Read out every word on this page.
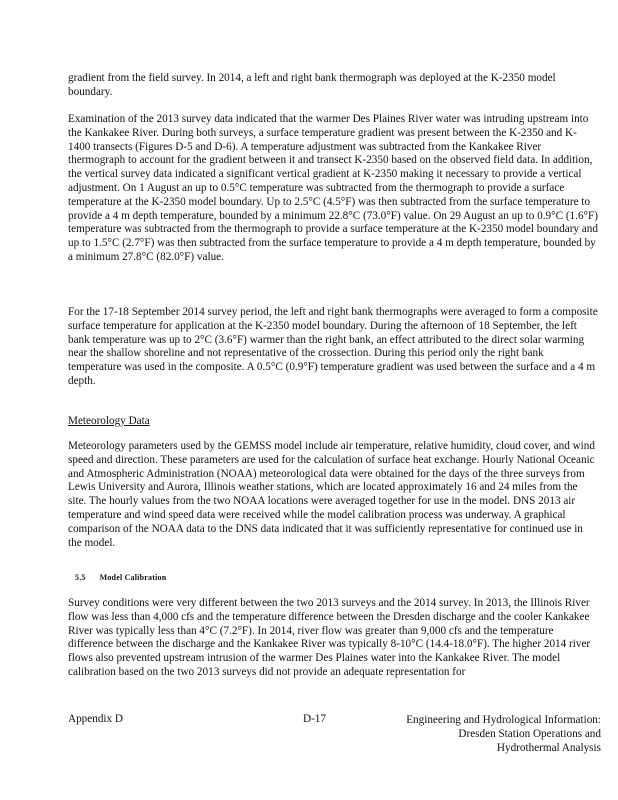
gradient from the field survey. In 2014, a left and right bank thermograph was deployed at the K-2350 model boundary.

Examination of the 2013 survey data indicated that the warmer Des Plaines River water was intruding upstream into the Kankakee River. During both surveys, a surface temperature gradient was present between the K-2350 and K-1400 transects (Figures D-5 and D-6). A temperature adjustment was subtracted from the Kankakee River thermograph to account for the gradient between it and transect K-2350 based on the observed field data. In addition, the vertical survey data indicated a significant vertical gradient at K-2350 making it necessary to provide a vertical adjustment. On 1 August an up to 0.5°C temperature was subtracted from the thermograph to provide a surface temperature at the K-2350 model boundary. Up to 2.5°C (4.5°F) was then subtracted from the surface temperature to provide a 4 m depth temperature, bounded by a minimum 22.8°C (73.0°F) value. On 29 August an up to 0.9°C (1.6°F) temperature was subtracted from the thermograph to provide a surface temperature at the K-2350 model boundary and up to 1.5°C (2.7°F) was then subtracted from the surface temperature to provide a 4 m depth temperature, bounded by a minimum 27.8°C (82.0°F) value.

For the 17-18 September 2014 survey period, the left and right bank thermographs were averaged to form a composite surface temperature for application at the K-2350 model boundary. During the afternoon of 18 September, the left bank temperature was up to 2°C (3.6°F) warmer than the right bank, an effect attributed to the direct solar warming near the shallow shoreline and not representative of the crossection. During this period only the right bank temperature was used in the composite. A 0.5°C (0.9°F) temperature gradient was used between the surface and a 4 m depth.

Meteorology Data

Meteorology parameters used by the GEMSS model include air temperature, relative humidity, cloud cover, and wind speed and direction. These parameters are used for the calculation of surface heat exchange. Hourly National Oceanic and Atmospheric Administration (NOAA) meteorological data were obtained for the days of the three surveys from Lewis University and Aurora, Illinois weather stations, which are located approximately 16 and 24 miles from the site. The hourly values from the two NOAA locations were averaged together for use in the model. DNS 2013 air temperature and wind speed data were received while the model calibration process was underway. A graphical comparison of the NOAA data to the DNS data indicated that it was sufficiently representative for continued use in the model.

5.5 Model Calibration

Survey conditions were very different between the two 2013 surveys and the 2014 survey. In 2013, the Illinois River flow was less than 4,000 cfs and the temperature difference between the Dresden discharge and the cooler Kankakee River was typically less than 4°C (7.2°F). In 2014, river flow was greater than 9,000 cfs and the temperature difference between the discharge and the Kankakee River was typically 8-10°C (14.4-18.0°F). The higher 2014 river flows also prevented upstream intrusion of the warmer Des Plaines water into the Kankakee River. The model calibration based on the two 2013 surveys did not provide an adequate representation for

Appendix D	D-17	Engineering and Hydrological Information:
Dresden Station Operations and
Hydrothermal Analysis
